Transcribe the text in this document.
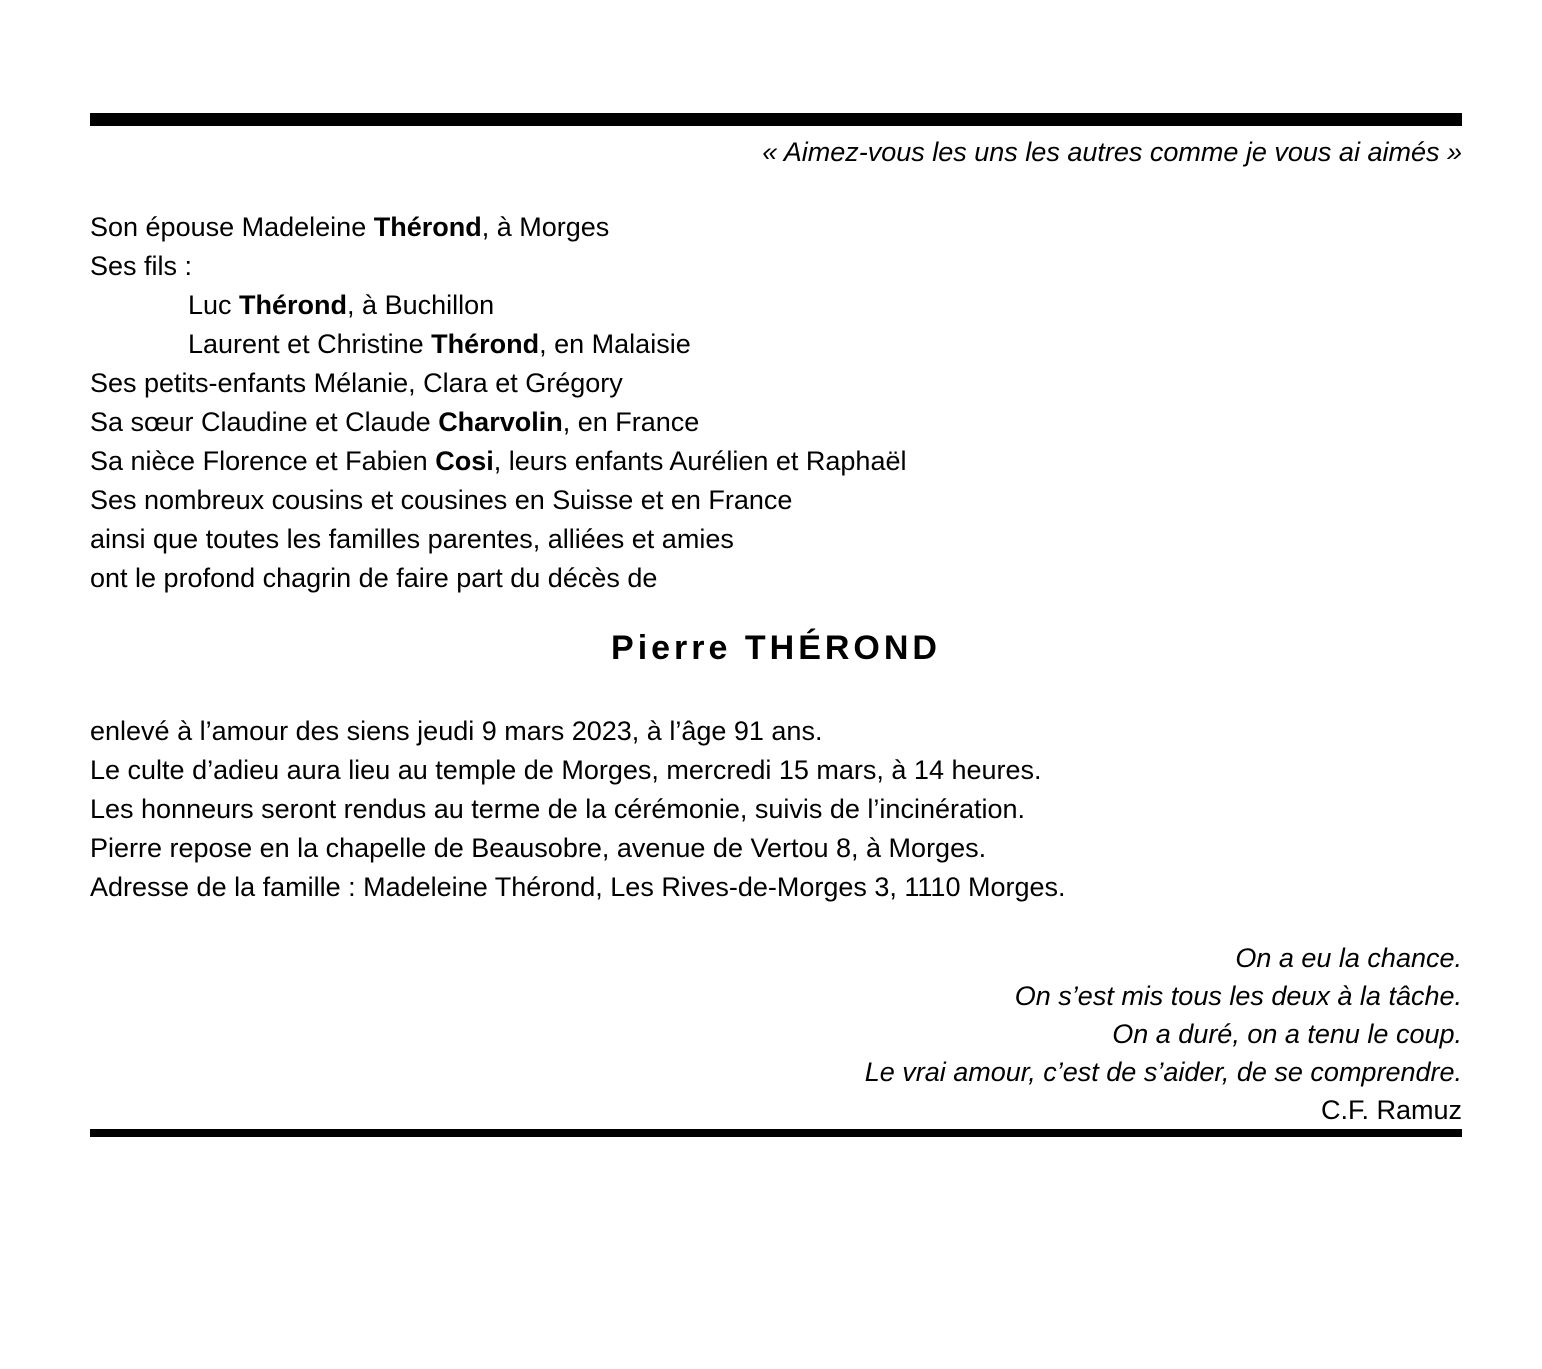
« Aimez-vous les uns les autres comme je vous ai aimés »
Son épouse Madeleine Thérond, à Morges
Ses fils :
Luc Thérond, à Buchillon
Laurent et Christine Thérond, en Malaisie
Ses petits-enfants Mélanie, Clara et Grégory
Sa sœur Claudine et Claude Charvolin, en France
Sa nièce Florence et Fabien Cosi, leurs enfants Aurélien et Raphaël
Ses nombreux cousins et cousines en Suisse et en France
ainsi que toutes les familles parentes, alliées et amies
ont le profond chagrin de faire part du décès de
Pierre THÉROND
enlevé à l’amour des siens jeudi 9 mars 2023, à l’âge 91 ans.
Le culte d’adieu aura lieu au temple de Morges, mercredi 15 mars, à 14 heures.
Les honneurs seront rendus au terme de la cérémonie, suivis de l’incinération.
Pierre repose en la chapelle de Beausobre, avenue de Vertou 8, à Morges.
Adresse de la famille : Madeleine Thérond, Les Rives-de-Morges 3, 1110 Morges.
On a eu la chance.
On s’est mis tous les deux à la tâche.
On a duré, on a tenu le coup.
Le vrai amour, c’est de s’aider, de se comprendre.
C.F. Ramuz
